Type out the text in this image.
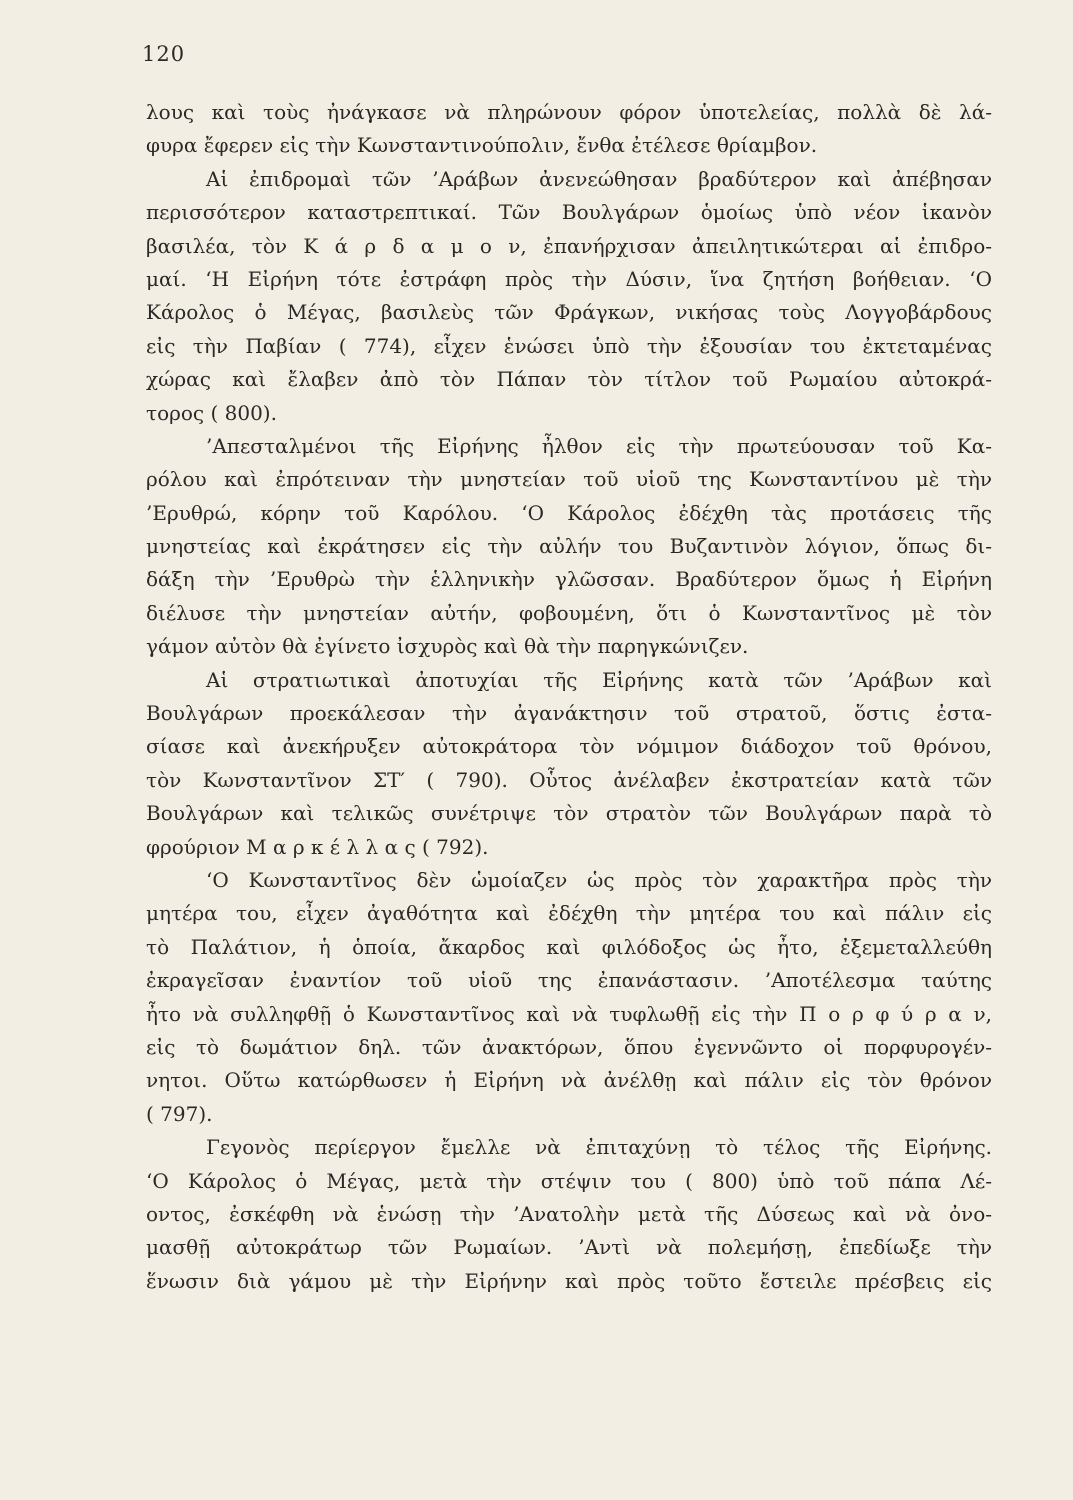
120
λους καὶ τοὺς ἠνάγκασε νὰ πληρώνουν φόρον ὑποτελείας, πολλὰ δὲ λά-
φυρα ἔφερεν εἰς τὴν Κωνσταντινούπολιν, ἔνθα ἐτέλεσε θρίαμβον.
Αἱ ἐπιδρομαὶ τῶν ’Αράβων ἀνενεώθησαν βραδύτερον καὶ ἀπέβησαν
περισσότερον καταστρεπτικαί. Τῶν Βουλγάρων ὁμοίως ὑπὸ νέον ἱκανὸν
βασιλέα, τὸν Κ ά ρ δ α μ ο ν, ἐπανήρχισαν ἀπειλητικώτεραι αἱ ἐπιδρο-
μαί. ‘Η Εἰρήνη τότε ἐστράφη πρὸς τὴν Δύσιν, ἵνα ζητήση βοήθειαν. ‘Ο
Κάρολος ὁ Μέγας, βασιλεὺς τῶν Φράγκων, νικήσας τοὺς Λογγοβάρδους
εἰς τὴν Παβίαν ( 774), εἶχεν ἑνώσει ὑπὸ τὴν ἐξουσίαν του ἐκτεταμένας
χώρας καὶ ἔλαβεν ἀπὸ τὸν Πάπαν τὸν τίτλον τοῦ Ρωμαίου αὐτοκρά-
τορος ( 800).
’Απεσταλμένοι τῆς Εἰρήνης ἦλθον εἰς τὴν πρωτεύουσαν τοῦ Κα-
ρόλου καὶ ἐπρότειναν τὴν μνηστείαν τοῦ υἱοῦ της Κωνσταντίνου μὲ τὴν
’Ερυθρώ, κόρην τοῦ Καρόλου. ‘Ο Κάρολος ἐδέχθη τὰς προτάσεις τῆς
μνηστείας καὶ ἐκράτησεν εἰς τὴν αὐλήν του Βυζαντινὸν λόγιον, ὅπως δι-
δάξη τὴν ’Ερυθρὼ τὴν ἑλληνικὴν γλῶσσαν. Βραδύτερον ὅμως ἡ Εἰρήνη
διέλυσε τὴν μνηστείαν αὐτήν, φοβουμένη, ὅτι ὁ Κωνσταντῖνος μὲ τὸν
γάμον αὐτὸν θὰ ἐγίνετο ἰσχυρὸς καὶ θὰ τὴν παρηγκώνιζεν.
Αἱ στρατιωτικαὶ ἀποτυχίαι τῆς Εἰρήνης κατὰ τῶν ’Αράβων καὶ
Βουλγάρων προεκάλεσαν τὴν ἀγανάκτησιν τοῦ στρατοῦ, ὅστις ἐστα-
σίασε καὶ ἀνεκήρυξεν αὐτοκράτορα τὸν νόμιμον διάδοχον τοῦ θρόνου,
τὸν Κωνσταντῖνον ΣΤ′ ( 790). Οὗτος ἀνέλαβεν ἐκστρατείαν κατὰ τῶν
Βουλγάρων καὶ τελικῶς συνέτριψε τὸν στρατὸν τῶν Βουλγάρων παρὰ τὸ
φρούριον Μ α ρ κ έ λ λ α ς ( 792).
‘Ο Κωνσταντῖνος δὲν ὡμοίαζεν ὡς πρὸς τὸν χαρακτῆρα πρὸς τὴν
μητέρα του, εἶχεν ἀγαθότητα καὶ ἐδέχθη τὴν μητέρα του καὶ πάλιν εἰς
τὸ Παλάτιον, ἡ ὁποία, ἄκαρδος καὶ φιλόδοξος ὡς ἦτο, ἐξεμεταλλεύθη
ἐκραγεῖσαν ἐναντίον τοῦ υἱοῦ της ἐπανάστασιν. ’Αποτέλεσμα ταύτης
ἦτο νὰ συλληφθῇ ὁ Κωνσταντῖνος καὶ νὰ τυφλωθῇ εἰς τὴν Π ο ρ φ ύ ρ α ν,
εἰς τὸ δωμάτιον δηλ. τῶν ἀνακτόρων, ὅπου ἐγεννῶντο οἱ πορφυρογέν-
νητοι. Οὕτω κατώρθωσεν ἡ Εἰρήνη νὰ ἀνέλθῃ καὶ πάλιν εἰς τὸν θρόνον
( 797).
Γεγονὸς περίεργον ἔμελλε νὰ ἐπιταχύνῃ τὸ τέλος τῆς Εἰρήνης.
‘Ο Κάρολος ὁ Μέγας, μετὰ τὴν στέψιν του ( 800) ὑπὸ τοῦ πάπα Λέ-
οντος, ἐσκέφθη νὰ ἑνώσῃ τὴν ’Ανατολὴν μετὰ τῆς Δύσεως καὶ νὰ ὀνο-
μασθῇ αὐτοκράτωρ τῶν Ρωμαίων. ’Αντὶ νὰ πολεμήσῃ, ἐπεδίωξε τὴν
ἕνωσιν διὰ γάμου μὲ τὴν Εἰρήνην καὶ πρὸς τοῦτο ἔστειλε πρέσβεις εἰς
